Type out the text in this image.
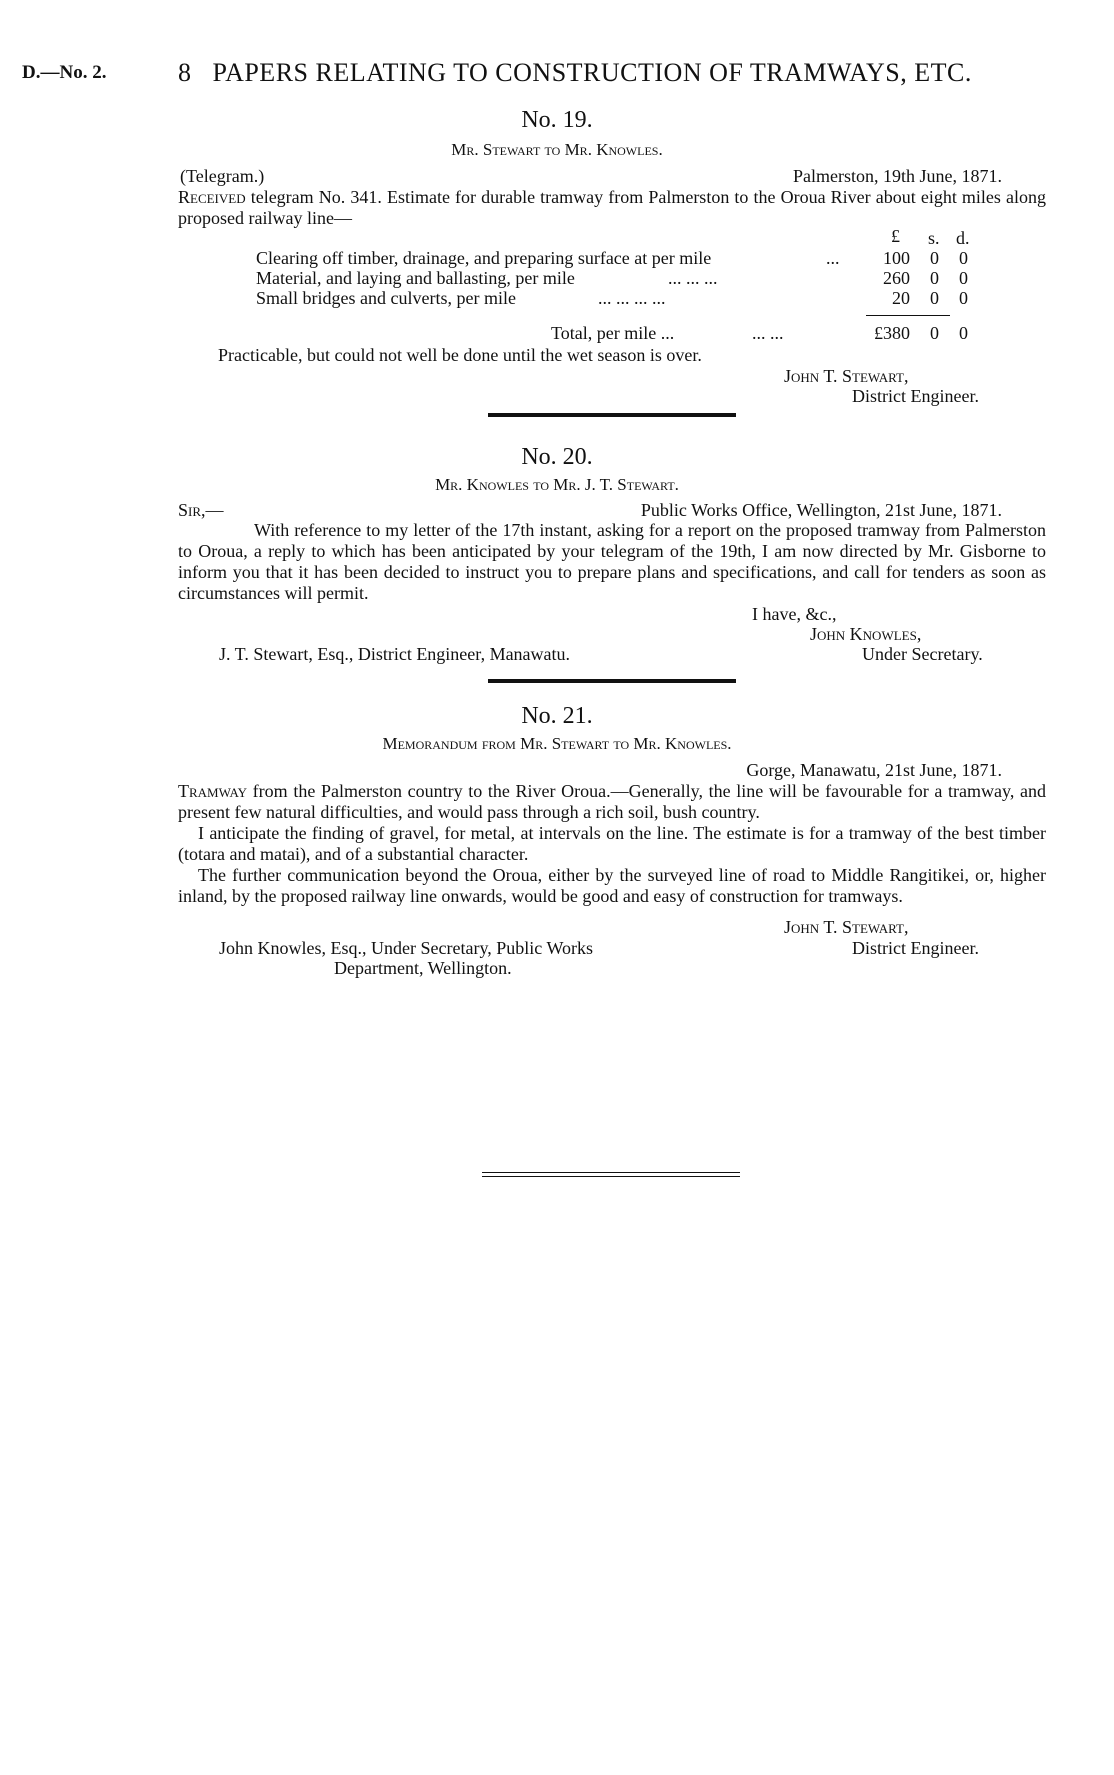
D.—No. 2.	8 PAPERS RELATING TO CONSTRUCTION OF TRAMWAYS, ETC.
No. 19.
Mr. Stewart to Mr. Knowles.
(Telegram.)	Palmerston, 19th June, 1871.
Received telegram No. 341. Estimate for durable tramway from Palmerston to the Oroua River about eight miles along proposed railway line—
£ s. d.
Clearing off timber, drainage, and preparing surface at per mile	...	100 0 0
Material, and laying and ballasting, per mile	... ... ...	260 0 0
Small bridges and culverts, per mile	... ... ... ...	20 0 0
Total, per mile ...	... ...	£380 0 0
Practicable, but could not well be done until the wet season is over.
John T. Stewart,
District Engineer.
No. 20.
Mr. Knowles to Mr. J. T. Stewart.
Sir,—	Public Works Office, Wellington, 21st June, 1871.
With reference to my letter of the 17th instant, asking for a report on the proposed tramway from Palmerston to Oroua, a reply to which has been anticipated by your telegram of the 19th, I am now directed by Mr. Gisborne to inform you that it has been decided to instruct you to prepare plans and specifications, and call for tenders as soon as circumstances will permit.
I have, &c.,
John Knowles,
J. T. Stewart, Esq., District Engineer, Manawatu.	Under Secretary.
No. 21.
Memorandum from Mr. Stewart to Mr. Knowles.
Gorge, Manawatu, 21st June, 1871.
Tramway from the Palmerston country to the River Oroua.—Generally, the line will be favourable for a tramway, and present few natural difficulties, and would pass through a rich soil, bush country.
I anticipate the finding of gravel, for metal, at intervals on the line. The estimate is for a tramway of the best timber (totara and matai), and of a substantial character.
The further communication beyond the Oroua, either by the surveyed line of road to Middle Rangitikei, or, higher inland, by the proposed railway line onwards, would be good and easy of construction for tramways.
John T. Stewart,
John Knowles, Esq., Under Secretary, Public Works	District Engineer.
Department, Wellington.
